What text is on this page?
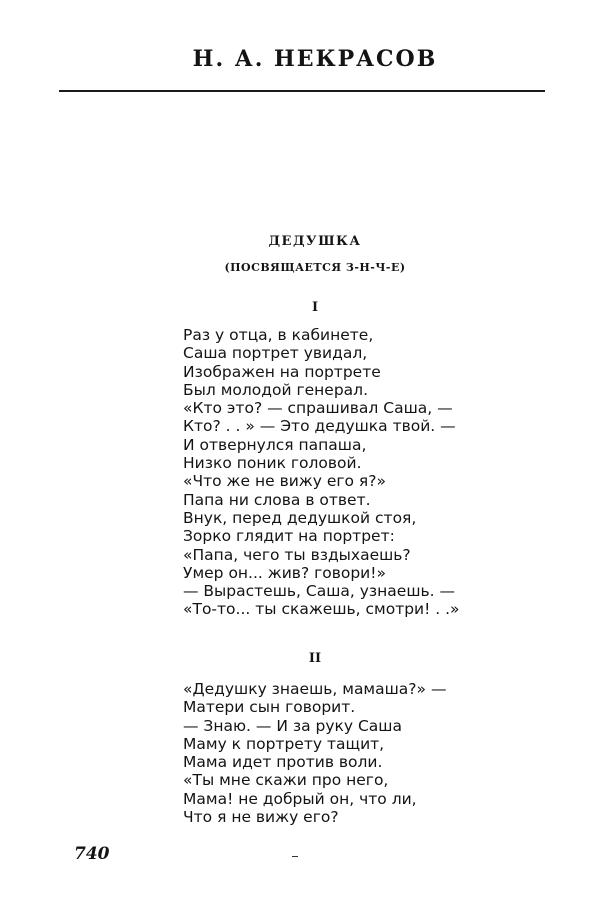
Н. А. НЕКРАСОВ
ДЕДУШКА
(ПОСВЯЩАЕТСЯ З-Н-Ч-Е)
I
Раз у отца, в кабинете,
Саша портрет увидал,
Изображен на портрете
Был молодой генерал.
«Кто это? — спрашивал Саша, —
Кто? . . » — Это дедушка твой. —
И отвернулся папаша,
Низко поник головой.
«Что же не вижу его я?»
Папа ни слова в ответ.
Внук, перед дедушкой стоя,
Зорко глядит на портрет:
«Папа, чего ты вздыхаешь?
Умер он... жив? говори!»
— Вырастешь, Саша, узнаешь. —
«То-то... ты скажешь, смотри! . .»
II
«Дедушку знаешь, мамаша?» —
Матери сын говорит.
— Знаю. — И за руку Саша
Маму к портрету тащит,
Мама идет против воли.
«Ты мне скажи про него,
Мама! не добрый он, что ли,
Что я не вижу его?
740
